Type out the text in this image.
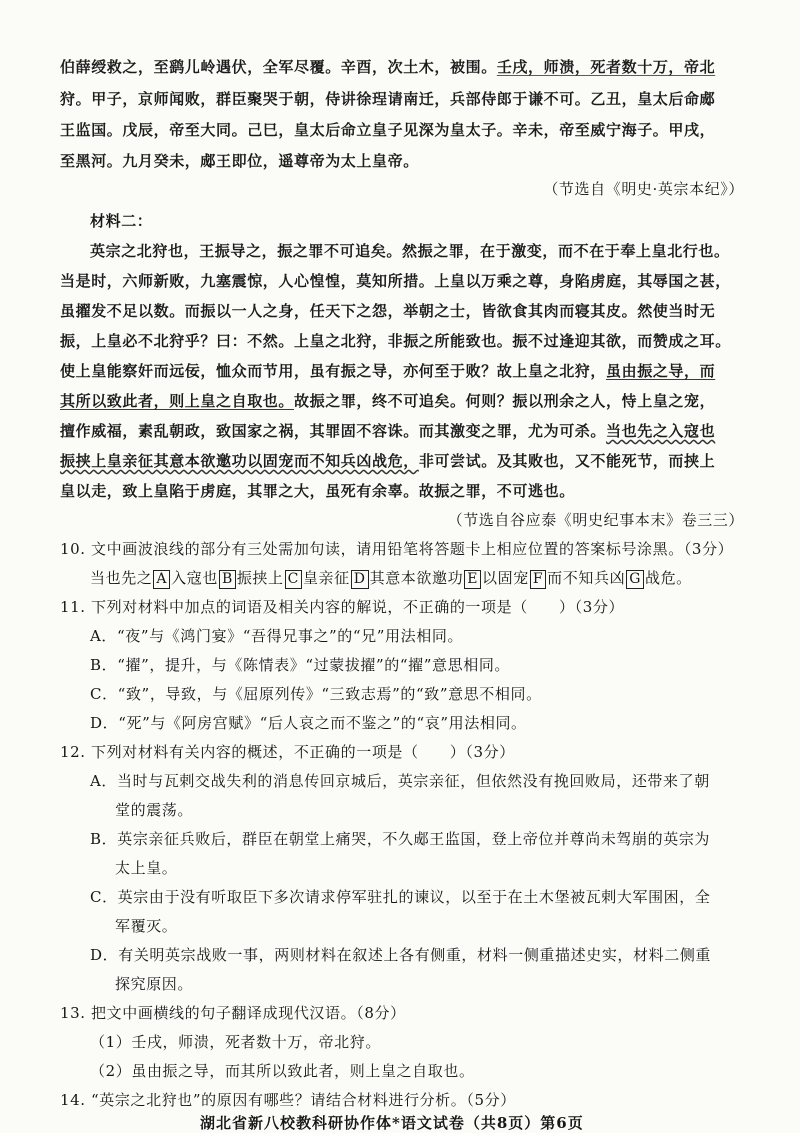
伯薛绶救之，至鹞儿岭遇伏，全军尽覆。辛酉，次土木，被围。壬戌，师溃，死者数十万，帝北
狩。甲子，京师闻败，群臣聚哭于朝，侍讲徐珵请南迁，兵部侍郎于谦不可。乙丑，皇太后命郕
王监国。戊辰，帝至大同。己巳，皇太后命立皇子见深为皇太子。辛未，帝至威宁海子。甲戌，
至黑河。九月癸未，郕王即位，遥尊帝为太上皇帝。
（节选自《明史·英宗本纪》）
材料二：
英宗之北狩也，王振导之，振之罪不可追矣。然振之罪，在于激变，而不在于奉上皇北行也。
当是时，六师新败，九塞震惊，人心惶惶，莫知所措。上皇以万乘之尊，身陷虏庭，其辱国之甚，
虽擢发不足以数。而振以一人之身，任天下之怨，举朝之士，皆欲食其肉而寝其皮。然使当时无
振，上皇必不北狩乎？曰：不然。上皇之北狩，非振之所能致也。振不过逢迎其欲，而赞成之耳。
使上皇能察奸而远佞，恤众而节用，虽有振之导，亦何至于败？故上皇之北狩，虽由振之导，而
其所以致此者，则上皇之自取也。故振之罪，终不可追矣。何则？振以刑余之人，恃上皇之宠，
擅作威福，素乱朝政，致国家之祸，其罪固不容诛。而其激变之罪，尤为可杀。当也先之入寇也
振挟上皇亲征其意本欲邀功以固宠而不知兵凶战危，非可尝试。及其败也，又不能死节，而挟上
皇以走，致上皇陷于虏庭，其罪之大，虽死有余辜。故振之罪，不可逃也。
（节选自谷应泰《明史纪事本末》卷三三）
10. 文中画波浪线的部分有三处需加句读，请用铅笔将答题卡上相应位置的答案标号涂黑。（3分）
当也先之 A 入寇也 B 振挟上 C 皇亲征 D 其意本欲邀功 E 以固宠 F 而不知兵凶 G 战危。
11. 下列对材料中加点的词语及相关内容的解说，不正确的一项是（　　）（3分）
A．“夜”与《鸿门宴》“吾得兄事之”的“兄”用法相同。
B．“擢”，提升，与《陈情表》“过蒙拔擢”的“擢”意思相同。
C．“致”，导致，与《屈原列传》“三致志焉”的“致”意思不相同。
D．“死”与《阿房宫赋》“后人哀之而不鉴之”的“哀”用法相同。
12. 下列对材料有关内容的概述，不正确的一项是（　　）（3分）
A．当时与瓦剌交战失利的消息传回京城后，英宗亲征，但依然没有挽回败局，还带来了朝
堂的震荡。
B．英宗亲征兵败后，群臣在朝堂上痛哭，不久郕王监国，登上帝位并尊尚未驾崩的英宗为
太上皇。
C．英宗由于没有听取臣下多次请求停军驻扎的谏议，以至于在土木堡被瓦剌大军围困，全
军覆灭。
D．有关明英宗战败一事，两则材料在叙述上各有侧重，材料一侧重描述史实，材料二侧重
探究原因。
13. 把文中画横线的句子翻译成现代汉语。（8分）
（1）壬戌，师溃，死者数十万，帝北狩。
（2）虽由振之导，而其所以致此者，则上皇之自取也。
14. “英宗之北狩也”的原因有哪些？请结合材料进行分析。（5分）
湖北省新八校教科研协作体*语文试卷（共8页）第6页
